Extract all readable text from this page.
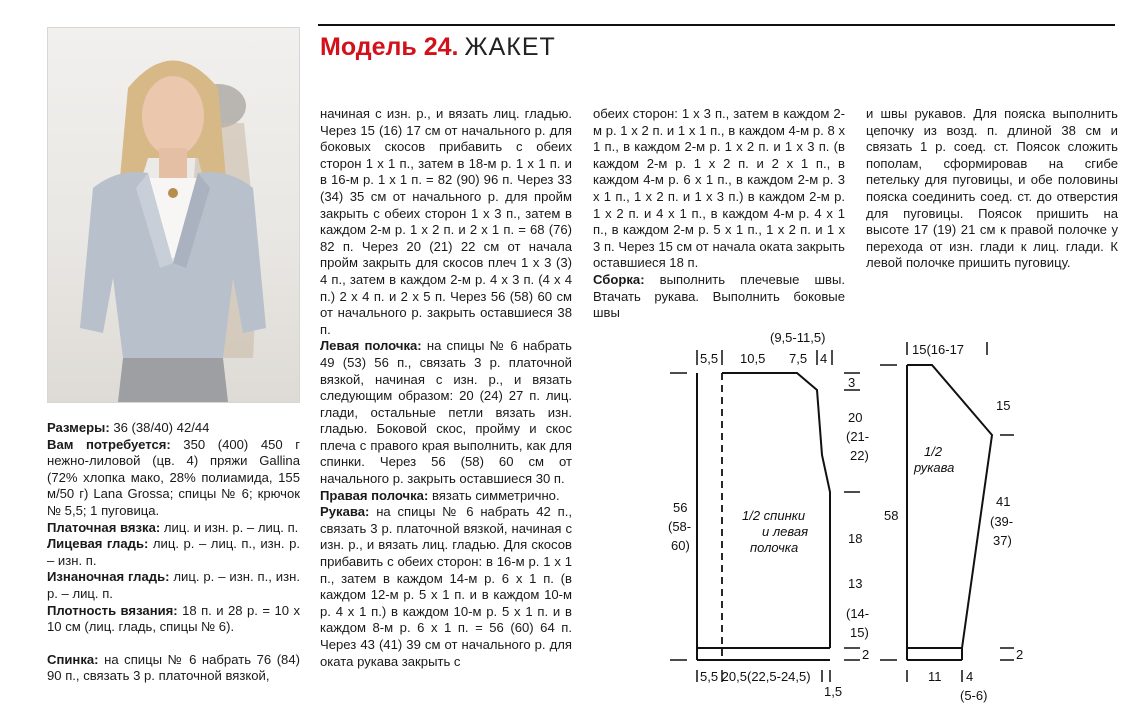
Модель 24. ЖАКЕТ

Размеры: 36 (38/40) 42/44

Вам потребуется: 350 (400) 450 г нежно-лиловой (цв. 4) пряжи Gallina (72% хлопка мако, 28% полиамида, 155 м/50 г) Lana Grossa; спицы № 6; крючок № 5,5; 1 пуговица.

Платочная вязка: лиц. и изн. р. – лиц. п.

Лицевая гладь: лиц. р. – лиц. п., изн. р. – изн. п.

Изнаночная гладь: лиц. р. – изн. п., изн. р. – лиц. п.

Плотность вязания: 18 п. и 28 р. = 10 х 10 см (лиц. гладь, спицы № 6).

Спинка: на спицы № 6 набрать 76 (84) 90 п., связать 3 р. платочной вязкой,

начиная с изн. р., и вязать лиц. гладью. Через 15 (16) 17 см от начального р. для боковых скосов прибавить с обеих сторон 1 х 1 п., затем в 18-м р. 1 х 1 п. и в 16-м р. 1 х 1 п. = 82 (90) 96 п. Через 33 (34) 35 см от начального р. для пройм закрыть с обеих сторон 1 х 3 п., затем в каждом 2-м р. 1 х 2 п. и 2 х 1 п. = 68 (76) 82 п. Через 20 (21) 22 см от начала пройм закрыть для скосов плеч 1 х 3 (3) 4 п., затем в каждом 2-м р. 4 х 3 п. (4 х 4 п.) 2 х 4 п. и 2 х 5 п. Через 56 (58) 60 см от начального р. закрыть оставшиеся 38 п.

Левая полочка: на спицы № 6 набрать 49 (53) 56 п., связать 3 р. платочной вязкой, начиная с изн. р., и вязать следующим образом: 20 (24) 27 п. лиц. глади, остальные петли вязать изн. гладью. Боковой скос, пройму и скос плеча с правого края выполнить, как для спинки. Через 56 (58) 60 см от начального р. закрыть оставшиеся 30 п.

Правая полочка: вязать симметрично.

Рукава: на спицы № 6 набрать 42 п., связать 3 р. платочной вязкой, начиная с изн. р., и вязать лиц. гладью. Для скосов прибавить с обеих сторон: в 16-м р. 1 х 1 п., затем в каждом 14-м р. 6 х 1 п. (в каждом 12-м р. 5 х 1 п. и в каждом 10-м р. 4 х 1 п.) в каждом 10-м р. 5 х 1 п. и в каждом 8-м р. 6 х 1 п. = 56 (60) 64 п. Через 43 (41) 39 см от начального р. для оката рукава закрыть с

обеих сторон: 1 х 3 п., затем в каждом 2-м р. 1 х 2 п. и 1 х 1 п., в каждом 4-м р. 8 х 1 п., в каждом 2-м р. 1 х 2 п. и 1 х 3 п. (в каждом 2-м р. 1 х 2 п. и 2 х 1 п., в каждом 4-м р. 6 х 1 п., в каждом 2-м р. 3 х 1 п., 1 х 2 п. и 1 х 3 п.) в каждом 2-м р. 1 х 2 п. и 4 х 1 п., в каждом 4-м р. 4 х 1 п., в каждом 2-м р. 5 х 1 п., 1 х 2 п. и 1 х 3 п. Через 15 см от начала оката закрыть оставшиеся 18 п.

Сборка: выполнить плечевые швы. Втачать рукава. Выполнить боковые швы

и швы рукавов. Для пояска выполнить цепочку из возд. п. длиной 38 см и связать 1 р. соед. ст. Поясок сложить пополам, сформировав на сгибе петельку для пуговицы, и обе половины пояска соединить соед. ст. до отверстия для пуговицы. Поясок пришить на высоте 17 (19) 21 см к правой полочке у перехода от изн. глади к лиц. глади. К левой полочке пришить пуговицу.

1/2 спинки
и левая
полочка
1/2
рукава
(9,5-11,5)
5,5 10,5 7,5 4
3
20
(21-
22)
18
13
(14-
15)
2
56
(58-
60)
5,5 20,5(22,5-24,5)
1,5
15(16-17
15
58
41
(39-
37)
2
11 4
(5-6)
